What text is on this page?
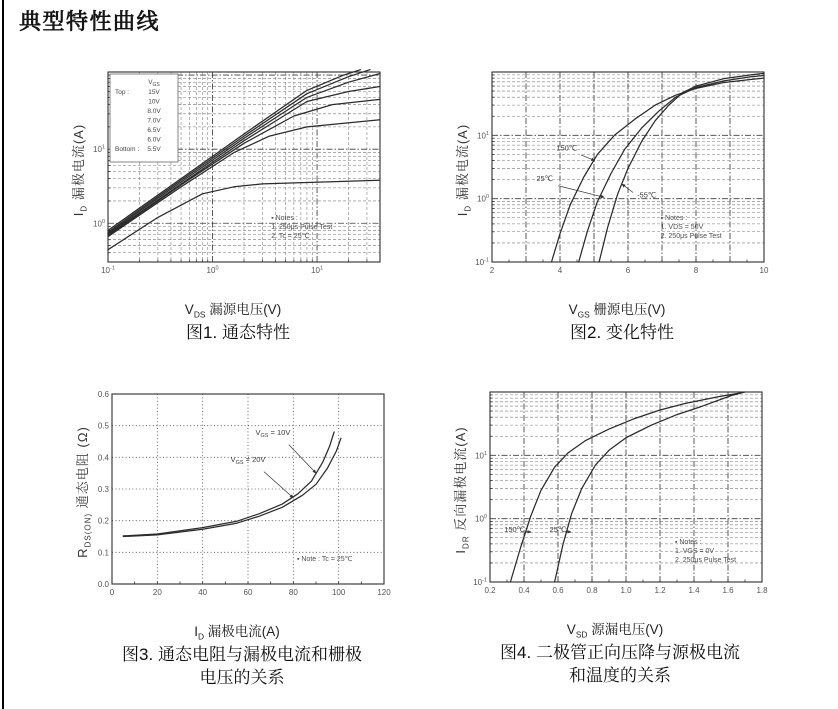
典型特性曲线
$I_D$ 漏极电流(A)
$10^{-1}$	$10^0$	$10^1$
$10^0$
$10^1$
$V_{GS}$
Top :	15V
10V
8.0V
7.0V
6.5V
6.0V
Bottom : 5.5V
▪ Notes :
1. 250μs Pulse Test
2. Tc = 25℃
$V_{DS}$ 漏源电压(V)
图1. 通态特性
$I_D$ 漏极电流(A)
2	4	6	8	10
$10^{-1}$
$10^0$
$10^1$
▪ Notes :
1. VDS = 50V
2. 250μs Pulse Test
150℃
25℃
-55℃
$V_{GS}$ 栅源电压(V)
图2. 变化特性
$R_{DS(ON)}$ 通态电阻 (Ω)
0	20	40	60	80	100	120
0.0
0.1
0.2
0.3
0.4
0.5
0.6
▪ Note : Tc = 25℃
$V_{GS} = 10V$
$V_{GS} = 20V$
$I_D$ 漏极电流(A)
图3. 通态电阻与漏极电流和栅极
电压的关系
$I_{DR}$ 反向漏极电流(A)
0.2	0.4	0.6	0.8	1.0	1.2	1.4	1.6	1.8
$10^{-1}$
$10^0$
$10^1$
▪ Notes :
1. VGS = 0V
2. 250μs Pulse Test
150℃	25℃
$V_{SD}$ 源漏电压(V)
图4. 二极管正向压降与源极电流
和温度的关系
